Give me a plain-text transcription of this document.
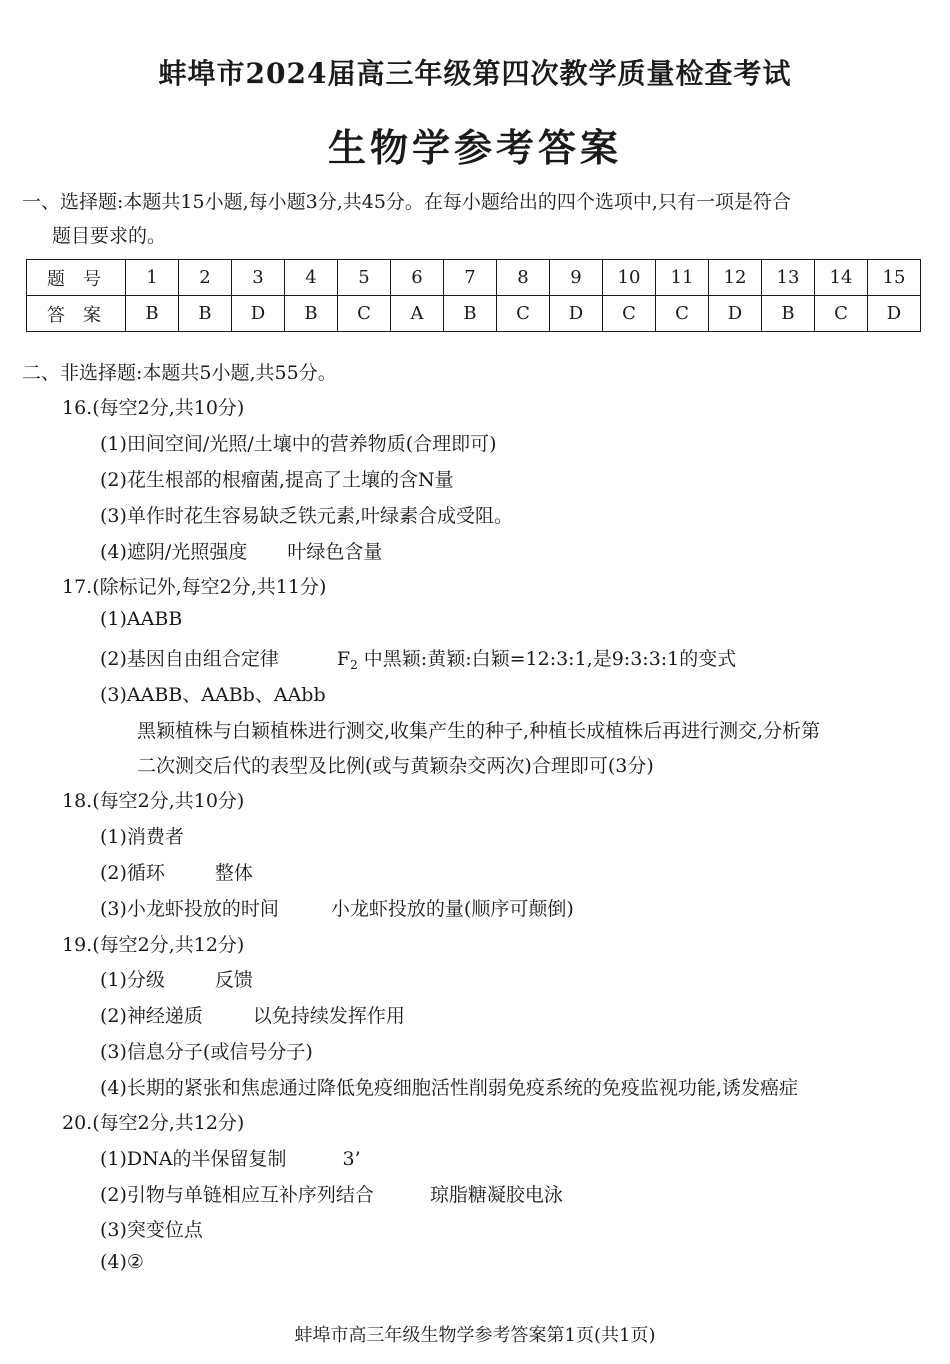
蚌埠市2024届高三年级第四次教学质量检查考试
生物学参考答案
一、选择题:本题共15小题,每小题3分,共45分。在每小题给出的四个选项中,只有一项是符合
题目要求的。
题号	1	2	3	4	5	6	7	8	9	10	11	12	13	14	15
答案	B	B	D	B	C	A	B	C	D	C	C	D	B	C	D
二、非选择题:本题共5小题,共55分。
16.(每空2分,共10分)
(1)田间空间/光照/土壤中的营养物质(合理即可)
(2)花生根部的根瘤菌,提高了土壤的含N量
(3)单作时花生容易缺乏铁元素,叶绿素合成受阻。
(4)遮阴/光照强度 叶绿色含量
17.(除标记外,每空2分,共11分)
(1)AABB
(2)基因自由组合定律	$F_2$ 中黑颖:黄颖:白颖=12:3:1,是9:3:3:1的变式
(3)AABB、AABb、AAbb
黑颖植株与白颖植株进行测交,收集产生的种子,种植长成植株后再进行测交,分析第
二次测交后代的表型及比例(或与黄颖杂交两次)合理即可(3分)
18.(每空2分,共10分)
(1)消费者
(2)循环	整体
(3)小龙虾投放的时间	小龙虾投放的量(顺序可颠倒)
19.(每空2分,共12分)
(1)分级	反馈
(2)神经递质	以免持续发挥作用
(3)信息分子(或信号分子)
(4)长期的紧张和焦虑通过降低免疫细胞活性削弱免疫系统的免疫监视功能,诱发癌症
20.(每空2分,共12分)
(1)DNA的半保留复制	3’
(2)引物与单链相应互补序列结合	琼脂糖凝胶电泳
(3)突变位点
(4)②
蚌埠市高三年级生物学参考答案第1页(共1页)
